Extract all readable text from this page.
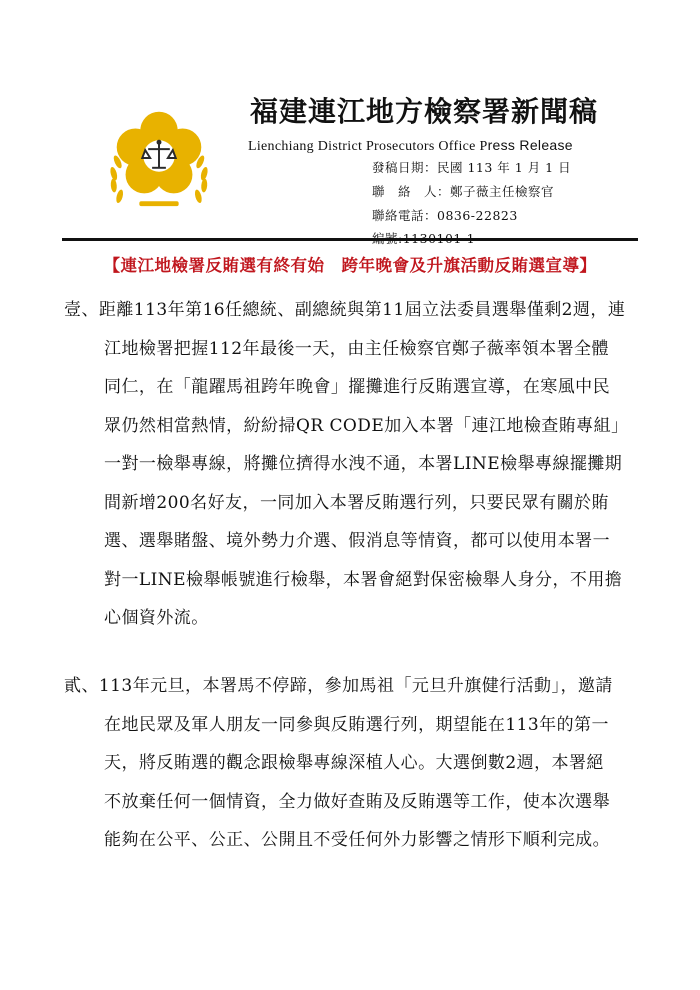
福建連江地方檢察署新聞稿
Lienchiang District Prosecutors Office Press Release
發稿日期：民國 113 年 1 月 1 日
聯　絡　人：鄭子薇主任檢察官
聯絡電話：0836-22823
【連江地檢署反賄選有終有始　跨年晚會及升旗活動反賄選宣導】
壹、距離113年第16任總統、副總統與第11屆立法委員選舉僅剩2週，連
江地檢署把握112年最後一天，由主任檢察官鄭子薇率領本署全體
同仁，在「龍躍馬祖跨年晚會」擺攤進行反賄選宣導，在寒風中民
眾仍然相當熱情，紛紛掃QR CODE加入本署「連江地檢查賄專組」
一對一檢舉專線，將攤位擠得水洩不通，本署LINE檢舉專線擺攤期
間新增200名好友，一同加入本署反賄選行列，只要民眾有關於賄
選、選舉賭盤、境外勢力介選、假消息等情資，都可以使用本署一
對一LINE檢舉帳號進行檢舉，本署會絕對保密檢舉人身分，不用擔
心個資外流。
貳、113年元旦，本署馬不停蹄，參加馬祖「元旦升旗健行活動」，邀請
在地民眾及軍人朋友一同參與反賄選行列，期望能在113年的第一
天，將反賄選的觀念跟檢舉專線深植人心。大選倒數2週，本署絕
不放棄任何一個情資，全力做好查賄及反賄選等工作，使本次選舉
能夠在公平、公正、公開且不受任何外力影響之情形下順利完成。
